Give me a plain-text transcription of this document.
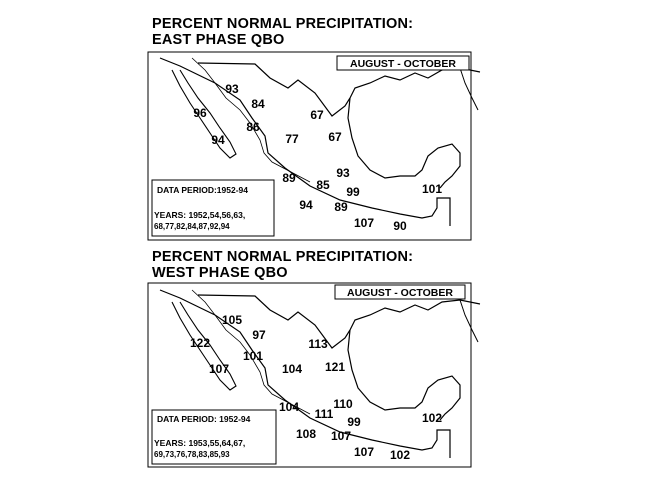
PERCENT NORMAL PRECIPITATION:
EAST PHASE QBO
PERCENT NORMAL PRECIPITATION:
WEST PHASE QBO
AUGUST - OCTOBER
DATA PERIOD:1952-94
YEARS: 1952,54,56,63,
68,77,82,84,87,92,94
93
84
96
86
94
67
77 67
89 85
93
99
94 89
101
107 90
AUGUST - OCTOBER
DATA PERIOD: 1952-94
YEARS: 1953,55,64,67,
69,73,76,78,83,85,93
105
97
122
101
107
113
104 121
104 111
110
99
108 107
102
107 102
